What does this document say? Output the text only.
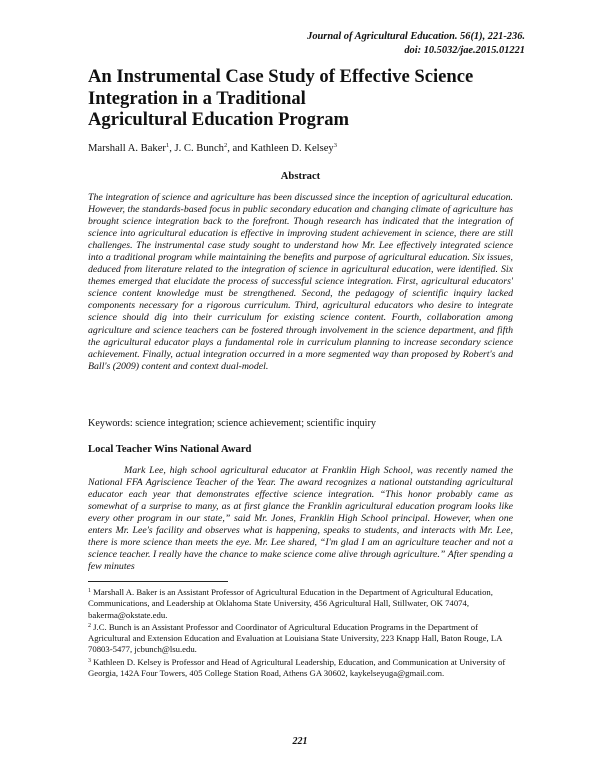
Journal of Agricultural Education. 56(1), 221-236.
doi: 10.5032/jae.2015.01221
An Instrumental Case Study of Effective Science
Integration in a Traditional
Agricultural Education Program
Marshall A. Baker$^1$, J. C. Bunch$^2$, and Kathleen D. Kelsey$^3$
Abstract

The integration of science and agriculture has been discussed since the inception of agricultural education. However, the standards-based focus in public secondary education and changing climate of agriculture has brought science integration back to the forefront. Though research has indicated that the integration of science into agricultural education is effective in improving student achievement in science, there are still challenges. The instrumental case study sought to understand how Mr. Lee effectively integrated science into a traditional program while maintaining the benefits and purpose of agricultural education. Six issues, deduced from literature related to the integration of science in agricultural education, were identified. Six themes emerged that elucidate the process of successful science integration. First, agricultural educators' science content knowledge must be strengthened. Second, the pedagogy of scientific inquiry lacked components necessary for a rigorous curriculum. Third, agricultural educators who desire to integrate science should dig into their curriculum for existing science content. Fourth, collaboration among agriculture and science teachers can be fostered through involvement in the science department, and fifth the agricultural educator plays a fundamental role in curriculum planning to increase secondary science achievement. Finally, actual integration occurred in a more segmented way than proposed by Robert's and Ball's (2009) content and context dual-model.

Keywords: science integration; science achievement; scientific inquiry
Local Teacher Wins National Award

Mark Lee, high school agricultural educator at Franklin High School, was recently named the National FFA Agriscience Teacher of the Year. The award recognizes a national outstanding agricultural educator each year that demonstrates effective science integration. “This honor probably came as somewhat of a surprise to many, as at first glance the Franklin agricultural education program looks like every other program in our state,” said Mr. Jones, Franklin High School principal. However, when one enters Mr. Lee's facility and observes what is happening, speaks to students, and interacts with Mr. Lee, there is more science than meets the eye. Mr. Lee shared, “I'm glad I am an agriculture teacher and not a science teacher. I really have the chance to make science come alive through agriculture.” After spending a few minutes

$^1$ Marshall A. Baker is an Assistant Professor of Agricultural Education in the Department of Agricultural Education, Communications, and Leadership at Oklahoma State University, 456 Agricultural Hall, Stillwater, OK 74074, bakerma@okstate.edu.

$^2$ J.C. Bunch is an Assistant Professor and Coordinator of Agricultural Education Programs in the Department of Agricultural and Extension Education and Evaluation at Louisiana State University, 223 Knapp Hall, Baton Rouge, LA 70803-5477, jcbunch@lsu.edu.

$^3$ Kathleen D. Kelsey is Professor and Head of Agricultural Leadership, Education, and Communication at University of Georgia, 142A Four Towers, 405 College Station Road, Athens GA 30602, kaykelseyuga@gmail.com.

221
